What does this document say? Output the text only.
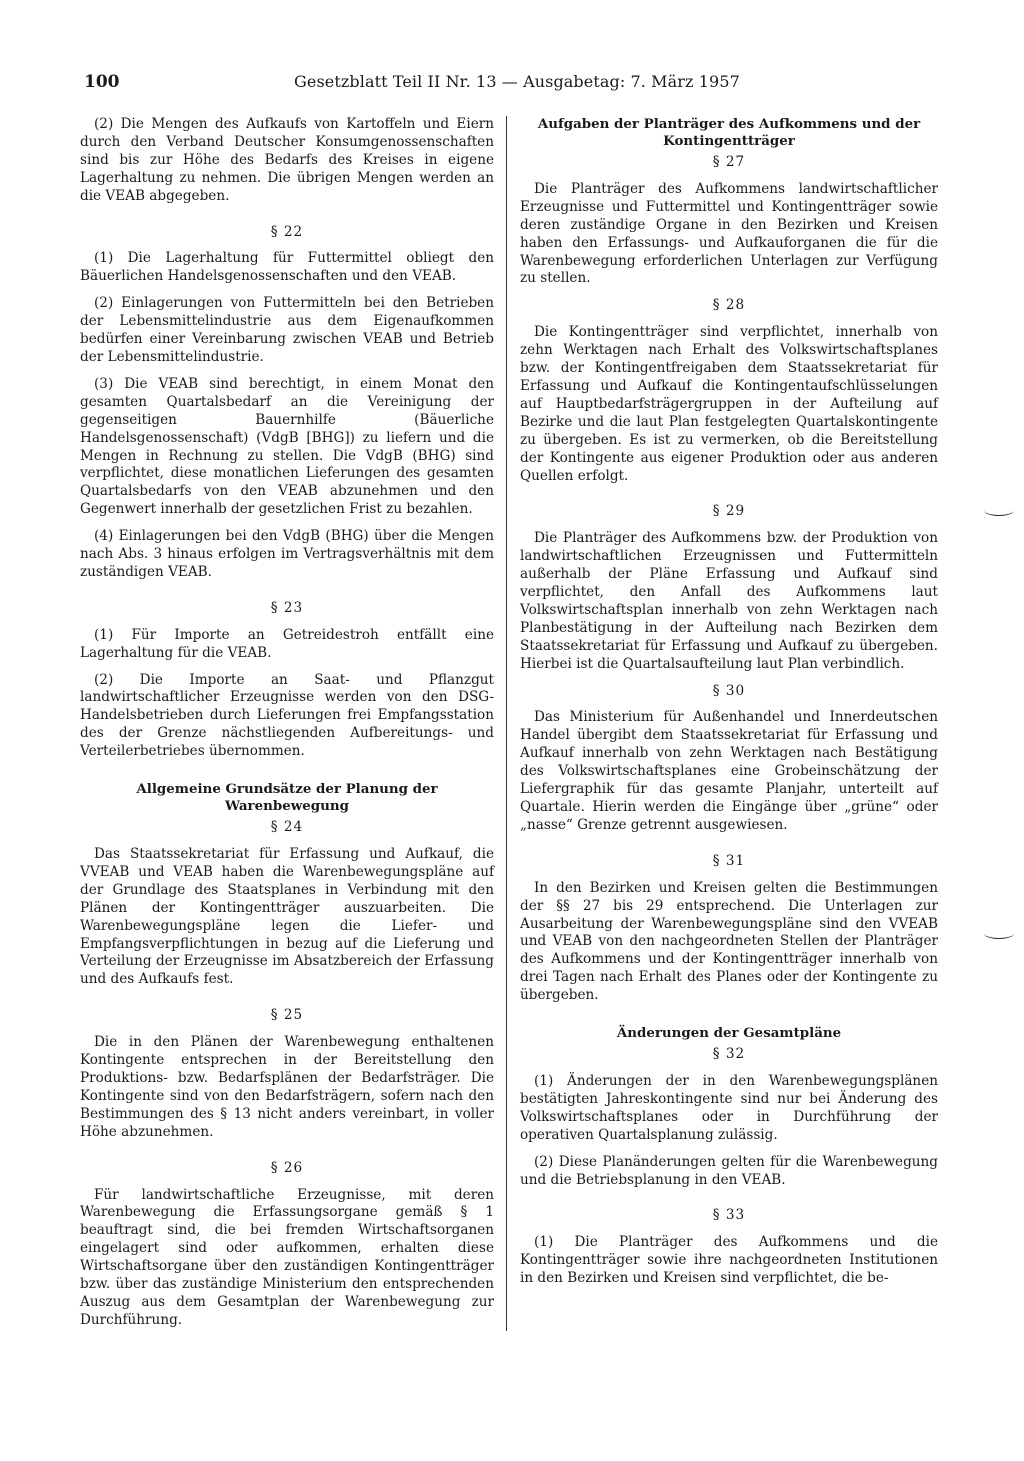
100	Gesetzblatt Teil II Nr. 13 — Ausgabetag: 7. März 1957

(2) Die Mengen des Aufkaufs von Kartoffeln und Eiern durch den Verband Deutscher Konsumgenossenschaften sind bis zur Höhe des Bedarfs des Kreises in eigene Lagerhaltung zu nehmen. Die übrigen Mengen werden an die VEAB abgegeben.

§ 22

(1) Die Lagerhaltung für Futtermittel obliegt den Bäuerlichen Handelsgenossenschaften und den VEAB.

(2) Einlagerungen von Futtermitteln bei den Betrieben der Lebensmittelindustrie aus dem Eigenaufkommen bedürfen einer Vereinbarung zwischen VEAB und Betrieb der Lebensmittelindustrie.

(3) Die VEAB sind berechtigt, in einem Monat den gesamten Quartalsbedarf an die Vereinigung der gegenseitigen Bauernhilfe (Bäuerliche Handelsgenossenschaft) (VdgB [BHG]) zu liefern und die Mengen in Rechnung zu stellen. Die VdgB (BHG) sind verpflichtet, diese monatlichen Lieferungen des gesamten Quartalsbedarfs von den VEAB abzunehmen und den Gegenwert innerhalb der gesetzlichen Frist zu bezahlen.

(4) Einlagerungen bei den VdgB (BHG) über die Mengen nach Abs. 3 hinaus erfolgen im Vertragsverhältnis mit dem zuständigen VEAB.

§ 23

(1) Für Importe an Getreidestroh entfällt eine Lagerhaltung für die VEAB.

(2) Die Importe an Saat- und Pflanzgut landwirtschaftlicher Erzeugnisse werden von den DSG-Handelsbetrieben durch Lieferungen frei Empfangsstation des der Grenze nächstliegenden Aufbereitungs- und Verteilerbetriebes übernommen.

Allgemeine Grundsätze der Planung der Warenbewegung

§ 24

Das Staatssekretariat für Erfassung und Aufkauf, die VVEAB und VEAB haben die Warenbewegungspläne auf der Grundlage des Staatsplanes in Verbindung mit den Plänen der Kontingentträger auszuarbeiten. Die Warenbewegungspläne legen die Liefer- und Empfangsverpflichtungen in bezug auf die Lieferung und Verteilung der Erzeugnisse im Absatzbereich der Erfassung und des Aufkaufs fest.

§ 25

Die in den Plänen der Warenbewegung enthaltenen Kontingente entsprechen in der Bereitstellung den Produktions- bzw. Bedarfsplänen der Bedarfsträger. Die Kontingente sind von den Bedarfsträgern, sofern nach den Bestimmungen des § 13 nicht anders vereinbart, in voller Höhe abzunehmen.

§ 26

Für landwirtschaftliche Erzeugnisse, mit deren Warenbewegung die Erfassungsorgane gemäß § 1 beauftragt sind, die bei fremden Wirtschaftsorganen eingelagert sind oder aufkommen, erhalten diese Wirtschaftsorgane über den zuständigen Kontingentträger bzw. über das zuständige Ministerium den entsprechenden Auszug aus dem Gesamtplan der Warenbewegung zur Durchführung.

Aufgaben der Planträger des Aufkommens und der Kontingentträger

§ 27

Die Planträger des Aufkommens landwirtschaftlicher Erzeugnisse und Futtermittel und Kontingentträger sowie deren zuständige Organe in den Bezirken und Kreisen haben den Erfassungs- und Aufkauforganen die für die Warenbewegung erforderlichen Unterlagen zur Verfügung zu stellen.

§ 28

Die Kontingentträger sind verpflichtet, innerhalb von zehn Werktagen nach Erhalt des Volkswirtschaftsplanes bzw. der Kontingentfreigaben dem Staatssekretariat für Erfassung und Aufkauf die Kontingentaufschlüsselungen auf Hauptbedarfsträgergruppen in der Aufteilung auf Bezirke und die laut Plan festgelegten Quartalskontingente zu übergeben. Es ist zu vermerken, ob die Bereitstellung der Kontingente aus eigener Produktion oder aus anderen Quellen erfolgt.

§ 29

Die Planträger des Aufkommens bzw. der Produktion von landwirtschaftlichen Erzeugnissen und Futtermitteln außerhalb der Pläne Erfassung und Aufkauf sind verpflichtet, den Anfall des Aufkommens laut Volkswirtschaftsplan innerhalb von zehn Werktagen nach Planbestätigung in der Aufteilung nach Bezirken dem Staatssekretariat für Erfassung und Aufkauf zu übergeben. Hierbei ist die Quartalsaufteilung laut Plan verbindlich.

§ 30

Das Ministerium für Außenhandel und Innerdeutschen Handel übergibt dem Staatssekretariat für Erfassung und Aufkauf innerhalb von zehn Werktagen nach Bestätigung des Volkswirtschaftsplanes eine Grobeinschätzung der Liefergraphik für das gesamte Planjahr, unterteilt auf Quartale. Hierin werden die Eingänge über „grüne“ oder „nasse“ Grenze getrennt ausgewiesen.

§ 31

In den Bezirken und Kreisen gelten die Bestimmungen der §§ 27 bis 29 entsprechend. Die Unterlagen zur Ausarbeitung der Warenbewegungspläne sind den VVEAB und VEAB von den nachgeordneten Stellen der Planträger des Aufkommens und der Kontingentträger innerhalb von drei Tagen nach Erhalt des Planes oder der Kontingente zu übergeben.

Änderungen der Gesamtpläne

§ 32

(1) Änderungen der in den Warenbewegungsplänen bestätigten Jahreskontingente sind nur bei Änderung des Volkswirtschaftsplanes oder in Durchführung der operativen Quartalsplanung zulässig.

(2) Diese Planänderungen gelten für die Warenbewegung und die Betriebsplanung in den VEAB.

§ 33

(1) Die Planträger des Aufkommens und die Kontingentträger sowie ihre nachgeordneten Institutionen in den Bezirken und Kreisen sind verpflichtet, die be-
